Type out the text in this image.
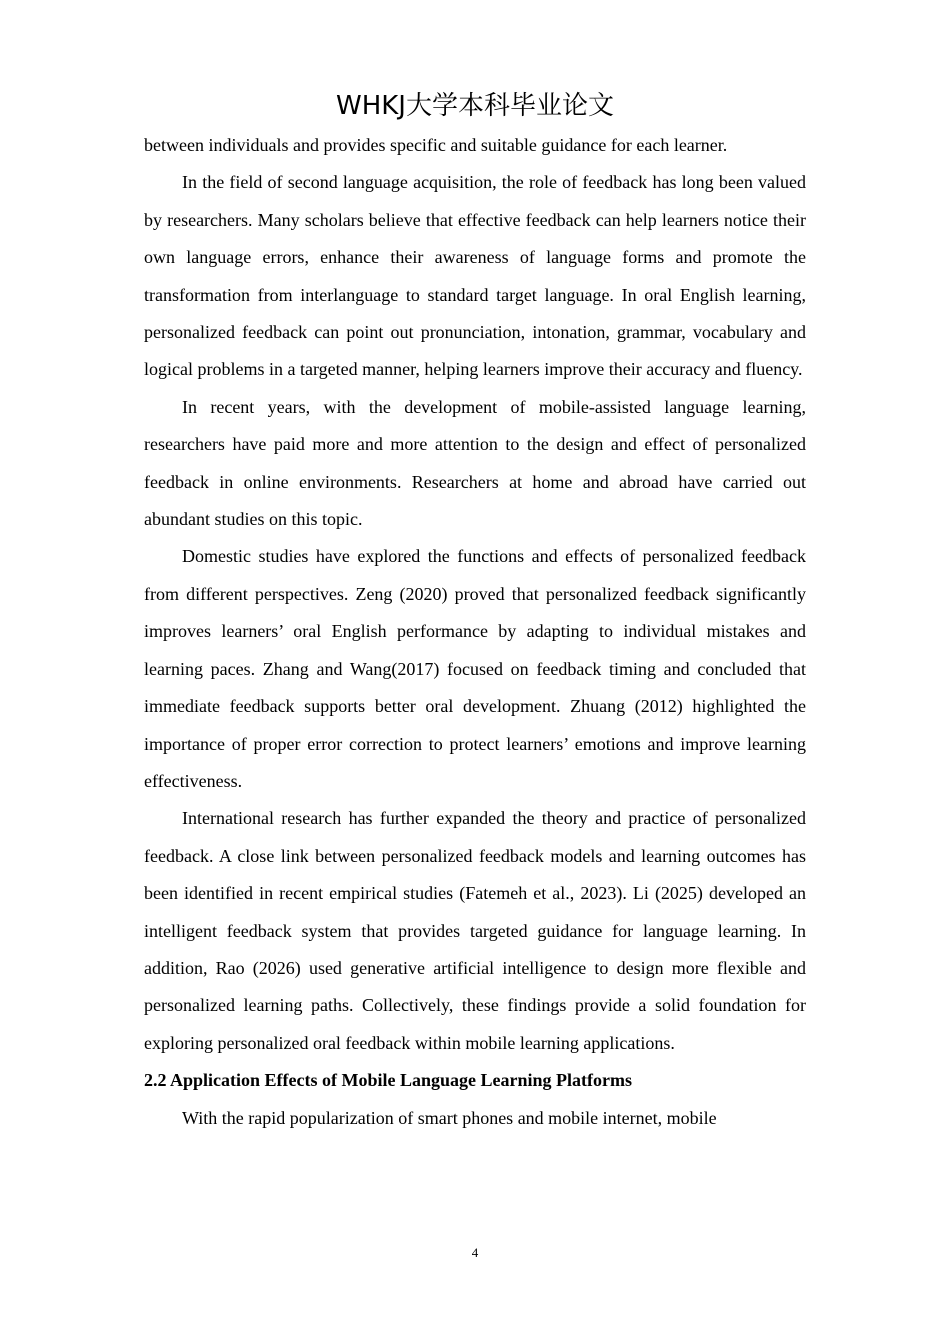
WHKJ大学本科毕业论文

between individuals and provides specific and suitable guidance for each learner.

In the field of second language acquisition, the role of feedback has long been valued by researchers. Many scholars believe that effective feedback can help learners notice their own language errors, enhance their awareness of language forms and promote the transformation from interlanguage to standard target language. In oral English learning, personalized feedback can point out pronunciation, intonation, grammar, vocabulary and logical problems in a targeted manner, helping learners improve their accuracy and fluency.

In recent years, with the development of mobile-assisted language learning, researchers have paid more and more attention to the design and effect of personalized feedback in online environments. Researchers at home and abroad have carried out abundant studies on this topic.

Domestic studies have explored the functions and effects of personalized feedback from different perspectives. Zeng (2020) proved that personalized feedback significantly improves learners’ oral English performance by adapting to individual mistakes and learning paces. Zhang and Wang(2017) focused on feedback timing and concluded that immediate feedback supports better oral development. Zhuang (2012) highlighted the importance of proper error correction to protect learners’ emotions and improve learning effectiveness.

International research has further expanded the theory and practice of personalized feedback. A close link between personalized feedback models and learning outcomes has been identified in recent empirical studies (Fatemeh et al., 2023). Li (2025) developed an intelligent feedback system that provides targeted guidance for language learning. In addition, Rao (2026) used generative artificial intelligence to design more flexible and personalized learning paths. Collectively, these findings provide a solid foundation for exploring personalized oral feedback within mobile learning applications.

2.2 Application Effects of Mobile Language Learning Platforms

With the rapid popularization of smart phones and mobile internet, mobile

4
